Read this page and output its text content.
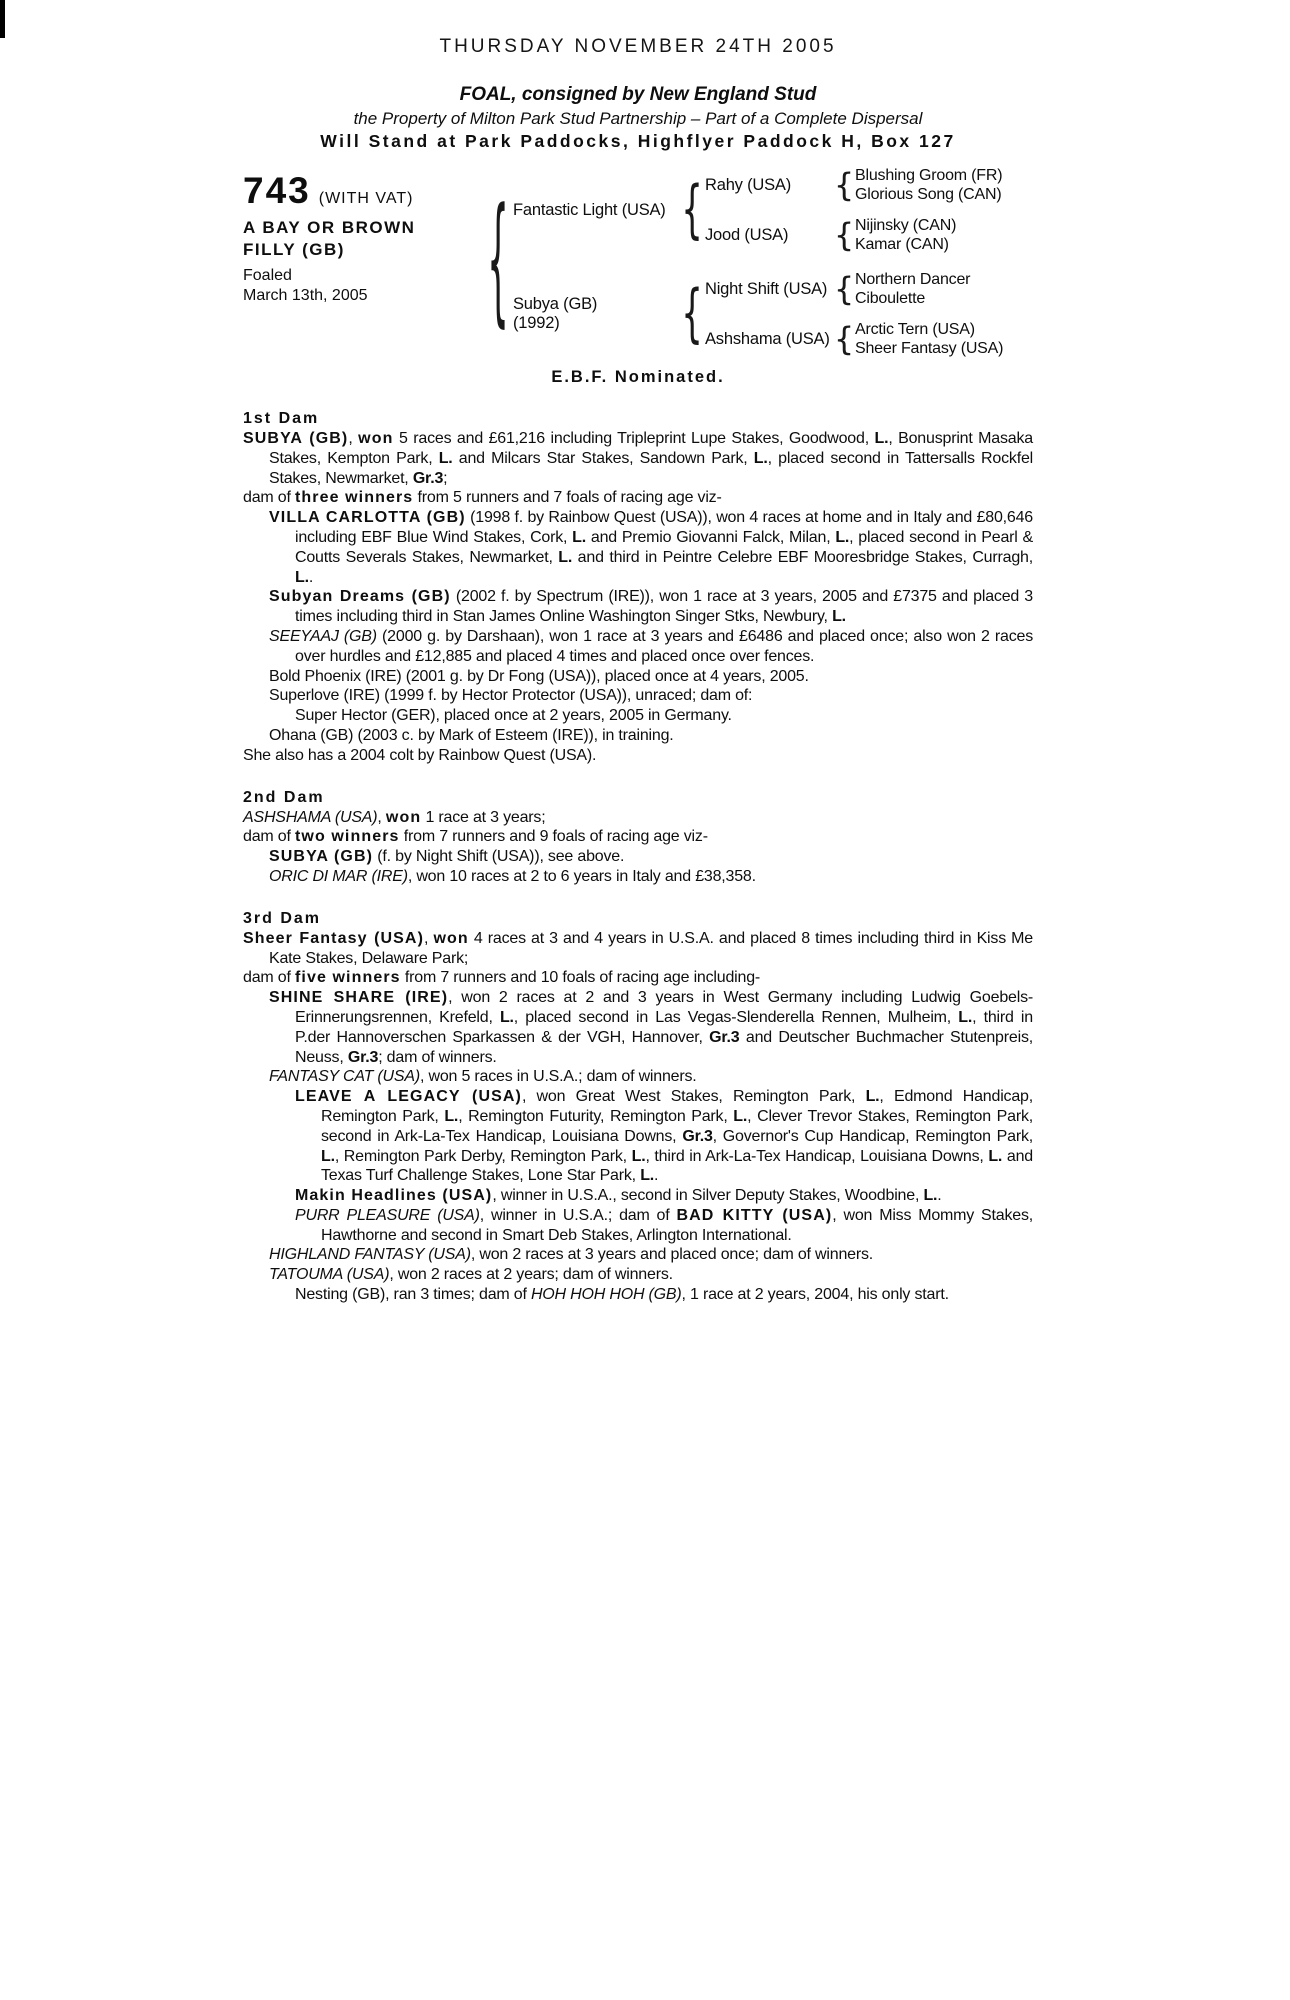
THURSDAY NOVEMBER 24TH 2005
FOAL, consigned by New England Stud
the Property of Milton Park Stud Partnership – Part of a Complete Dispersal
Will Stand at Park Paddocks, Highflyer Paddock H, Box 127
743 (WITH VAT)
A BAY OR BROWN
FILLY (GB)
Foaled
March 13th, 2005
{
Fantastic Light (USA)
{
Rahy (USA) {	Blushing Groom (FR)
Glorious Song (CAN)
Jood (USA) {	Nijinsky (CAN)
Kamar (CAN)
Subya (GB)
(1992)
{
Night Shift (USA) {	Northern Dancer
Ciboulette
Ashshama (USA) {	Arctic Tern (USA)
Sheer Fantasy (USA)
E.B.F. Nominated.
1st Dam

SUBYA (GB), won 5 races and £61,216 including Tripleprint Lupe Stakes, Goodwood, L., Bonusprint Masaka Stakes, Kempton Park, L. and Milcars Star Stakes, Sandown Park, L., placed second in Tattersalls Rockfel Stakes, Newmarket, Gr.3;

dam of three winners from 5 runners and 7 foals of racing age viz-

VILLA CARLOTTA (GB) (1998 f. by Rainbow Quest (USA)), won 4 races at home and in Italy and £80,646 including EBF Blue Wind Stakes, Cork, L. and Premio Giovanni Falck, Milan, L., placed second in Pearl & Coutts Severals Stakes, Newmarket, L. and third in Peintre Celebre EBF Mooresbridge Stakes, Curragh, L..

Subyan Dreams (GB) (2002 f. by Spectrum (IRE)), won 1 race at 3 years, 2005 and £7375 and placed 3 times including third in Stan James Online Washington Singer Stks, Newbury, L.

SEEYAAJ (GB) (2000 g. by Darshaan), won 1 race at 3 years and £6486 and placed once; also won 2 races over hurdles and £12,885 and placed 4 times and placed once over fences.

Bold Phoenix (IRE) (2001 g. by Dr Fong (USA)), placed once at 4 years, 2005.

Superlove (IRE) (1999 f. by Hector Protector (USA)), unraced; dam of:

Super Hector (GER), placed once at 2 years, 2005 in Germany.

Ohana (GB) (2003 c. by Mark of Esteem (IRE)), in training.

She also has a 2004 colt by Rainbow Quest (USA).

2nd Dam

ASHSHAMA (USA), won 1 race at 3 years;

dam of two winners from 7 runners and 9 foals of racing age viz-

SUBYA (GB) (f. by Night Shift (USA)), see above.

ORIC DI MAR (IRE), won 10 races at 2 to 6 years in Italy and £38,358.

3rd Dam

Sheer Fantasy (USA), won 4 races at 3 and 4 years in U.S.A. and placed 8 times including third in Kiss Me Kate Stakes, Delaware Park;

dam of five winners from 7 runners and 10 foals of racing age including-

SHINE SHARE (IRE), won 2 races at 2 and 3 years in West Germany including Ludwig Goebels-Erinnerungsrennen, Krefeld, L., placed second in Las Vegas-Slenderella Rennen, Mulheim, L., third in P.der Hannoverschen Sparkassen & der VGH, Hannover, Gr.3 and Deutscher Buchmacher Stutenpreis, Neuss, Gr.3; dam of winners.

FANTASY CAT (USA), won 5 races in U.S.A.; dam of winners.

LEAVE A LEGACY (USA), won Great West Stakes, Remington Park, L., Edmond Handicap, Remington Park, L., Remington Futurity, Remington Park, L., Clever Trevor Stakes, Remington Park, second in Ark-La-Tex Handicap, Louisiana Downs, Gr.3, Governor's Cup Handicap, Remington Park, L., Remington Park Derby, Remington Park, L., third in Ark-La-Tex Handicap, Louisiana Downs, L. and Texas Turf Challenge Stakes, Lone Star Park, L..

Makin Headlines (USA), winner in U.S.A., second in Silver Deputy Stakes, Woodbine, L..

PURR PLEASURE (USA), winner in U.S.A.; dam of BAD KITTY (USA), won Miss Mommy Stakes, Hawthorne and second in Smart Deb Stakes, Arlington International.

HIGHLAND FANTASY (USA), won 2 races at 3 years and placed once; dam of winners.

TATOUMA (USA), won 2 races at 2 years; dam of winners.

Nesting (GB), ran 3 times; dam of HOH HOH HOH (GB), 1 race at 2 years, 2004, his only start.
